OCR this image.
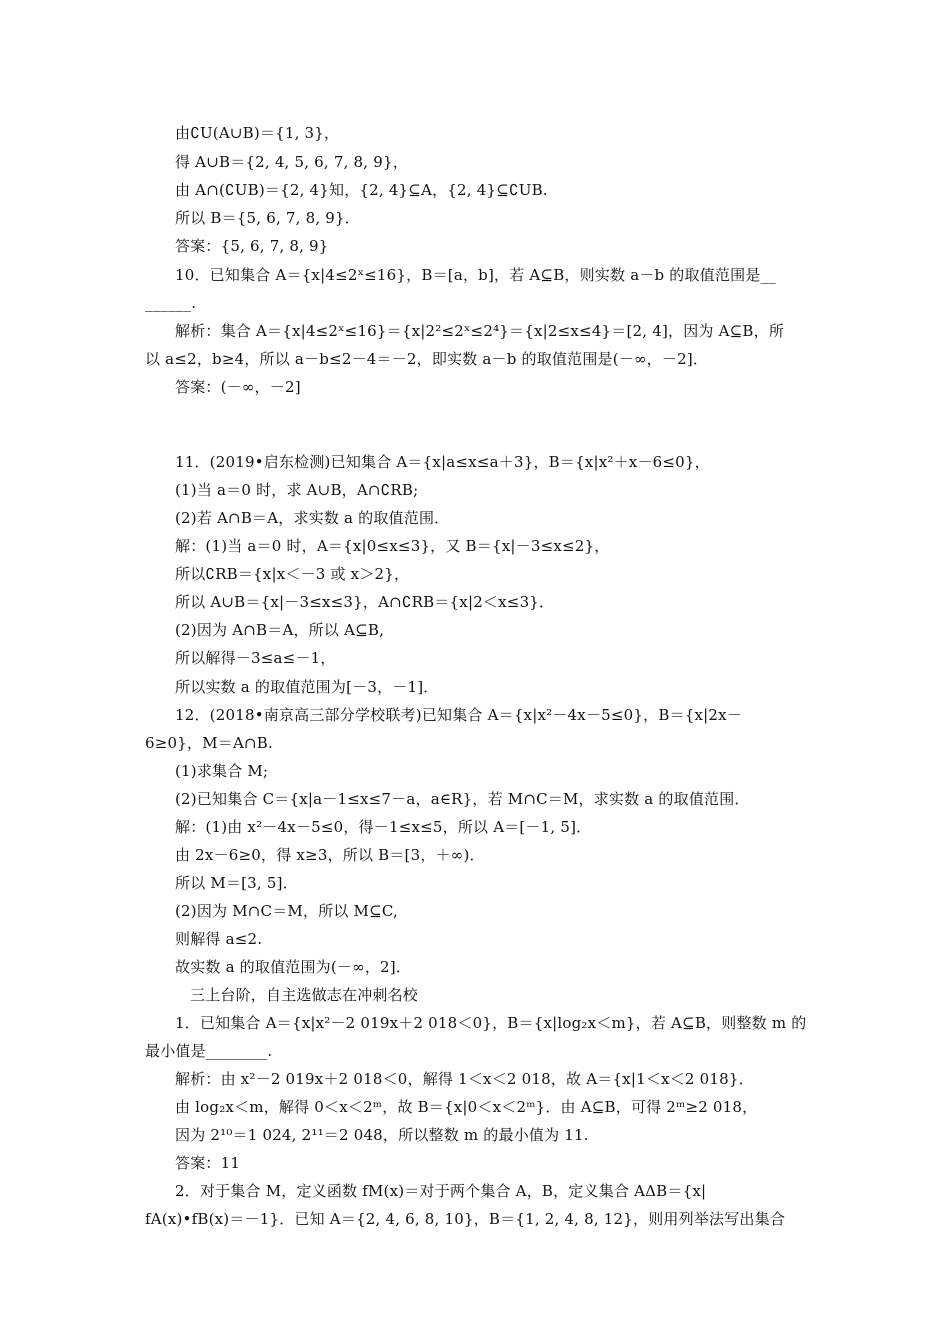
由∁U(A∪B)＝{1, 3}，
得 A∪B＝{2, 4, 5, 6, 7, 8, 9}，
由 A∩(∁UB)＝{2, 4}知，{2, 4}⊆A，{2, 4}⊆∁UB.
所以 B＝{5, 6, 7, 8, 9}．
答案：{5, 6, 7, 8, 9}
10．已知集合 A＝{x|4≤2ˣ≤16}，B＝[a，b]，若 A⊆B，则实数 a－b 的取值范围是__
______.
解析：集合 A＝{x|4≤2ˣ≤16}＝{x|2²≤2ˣ≤2⁴}＝{x|2≤x≤4}＝[2, 4]，因为 A⊆B，所
以 a≤2，b≥4，所以 a－b≤2－4＝－2，即实数 a－b 的取值范围是(－∞，－2]．
答案：(－∞，－2]
11．(2019•启东检测)已知集合 A＝{x|a≤x≤a＋3}，B＝{x|x²＋x－6≤0}，
(1)当 a＝0 时，求 A∪B，A∩∁RB;
(2)若 A∩B＝A，求实数 a 的取值范围．
解：(1)当 a＝0 时，A＝{x|0≤x≤3}，又 B＝{x|－3≤x≤2}，
所以∁RB＝{x|x＜－3 或 x＞2}，
所以 A∪B＝{x|－3≤x≤3}，A∩∁RB＝{x|2＜x≤3}．
(2)因为 A∩B＝A，所以 A⊆B,
所以解得－3≤a≤－1，
所以实数 a 的取值范围为[－3，－1]．
12．(2018•南京高三部分学校联考)已知集合 A＝{x|x²－4x－5≤0}，B＝{x|2x－
6≥0}，M＝A∩B.
(1)求集合 M;
(2)已知集合 C＝{x|a－1≤x≤7－a，a∈R}，若 M∩C＝M，求实数 a 的取值范围．
解：(1)由 x²－4x－5≤0，得－1≤x≤5，所以 A＝[－1, 5]．
由 2x－6≥0，得 x≥3，所以 B＝[3，＋∞)．
所以 M＝[3, 5]．
(2)因为 M∩C＝M，所以 M⊆C,
则解得 a≤2.
故实数 a 的取值范围为(－∞，2]．
三上台阶，自主选做志在冲刺名校
1．已知集合 A＝{x|x²－2 019x＋2 018＜0}，B＝{x|log₂x＜m}，若 A⊆B，则整数 m 的
最小值是________.
解析：由 x²－2 019x＋2 018＜0，解得 1＜x＜2 018，故 A＝{x|1＜x＜2 018}．
由 log₂x＜m，解得 0＜x＜2ᵐ，故 B＝{x|0＜x＜2ᵐ}．由 A⊆B，可得 2ᵐ≥2 018，
因为 2¹⁰＝1 024, 2¹¹＝2 048，所以整数 m 的最小值为 11.
答案：11
2．对于集合 M，定义函数 fM(x)＝对于两个集合 A，B，定义集合 AΔB＝{x|
fA(x)•fB(x)＝－1}．已知 A＝{2, 4, 6, 8, 10}，B＝{1, 2, 4, 8, 12}，则用列举法写出集合
